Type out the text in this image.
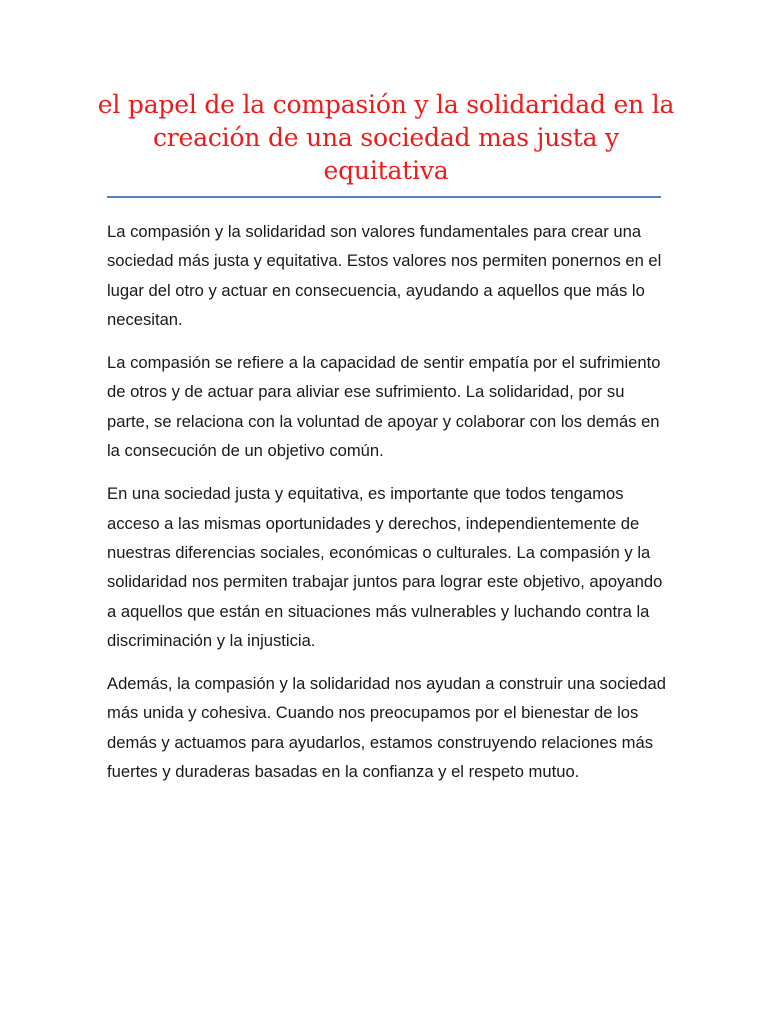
el papel de la compasión y la solidaridad en la creación de una sociedad mas justa y equitativa

La compasión y la solidaridad son valores fundamentales para crear una sociedad más justa y equitativa. Estos valores nos permiten ponernos en el lugar del otro y actuar en consecuencia, ayudando a aquellos que más lo necesitan.

La compasión se refiere a la capacidad de sentir empatía por el sufrimiento de otros y de actuar para aliviar ese sufrimiento. La solidaridad, por su parte, se relaciona con la voluntad de apoyar y colaborar con los demás en la consecución de un objetivo común.

En una sociedad justa y equitativa, es importante que todos tengamos acceso a las mismas oportunidades y derechos, independientemente de nuestras diferencias sociales, económicas o culturales. La compasión y la solidaridad nos permiten trabajar juntos para lograr este objetivo, apoyando a aquellos que están en situaciones más vulnerables y luchando contra la discriminación y la injusticia.

Además, la compasión y la solidaridad nos ayudan a construir una sociedad más unida y cohesiva. Cuando nos preocupamos por el bienestar de los demás y actuamos para ayudarlos, estamos construyendo relaciones más fuertes y duraderas basadas en la confianza y el respeto mutuo.
